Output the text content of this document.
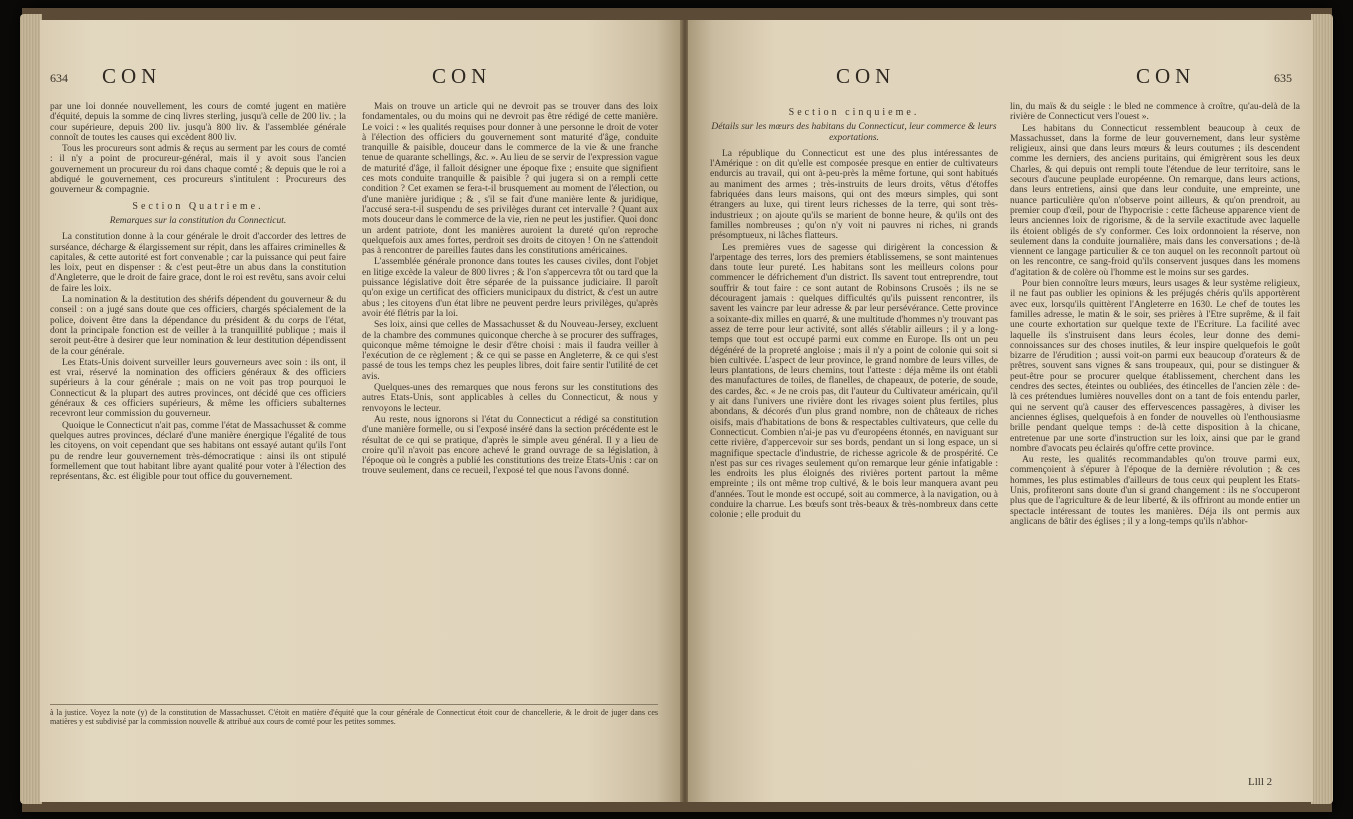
634 CON	CON

par une loi donnée nouvellement, les cours de comté jugent en matière d'équité, depuis la somme de cinq livres sterling, jusqu'à celle de 200 liv. ; la cour supérieure, depuis 200 liv. jusqu'à 800 liv. & l'assemblée générale connoît de toutes les causes qui excèdent 800 liv.

Tous les procureurs sont admis & reçus au serment par les cours de comté : il n'y a point de procureur-général, mais il y avoit sous l'ancien gouvernement un procureur du roi dans chaque comté ; & depuis que le roi a abdiqué le gouvernement, ces procureurs s'intitulent : Procureurs des gouverneur & compagnie.

Section Quatrieme.

Remarques sur la constitution du Connecticut.

La constitution donne à la cour générale le droit d'accorder des lettres de surséance, décharge & élargissement sur répit, dans les affaires criminelles & capitales, & cette autorité est fort convenable ; car la puissance qui peut faire les loix, peut en dispenser : & c'est peut-être un abus dans la constitution d'Angleterre, que le droit de faire grace, dont le roi est revêtu, sans avoir celui de faire les loix.

La nomination & la destitution des shérifs dépendent du gouverneur & du conseil : on a jugé sans doute que ces officiers, chargés spécialement de la police, doivent être dans la dépendance du président & du corps de l'état, dont la principale fonction est de veiller à la tranquillité publique ; mais il seroit peut-être à desirer que leur nomination & leur destitution dépendissent de la cour générale.

Les Etats-Unis doivent surveiller leurs gouverneurs avec soin : ils ont, il est vrai, réservé la nomination des officiers généraux & des officiers supérieurs à la cour générale ; mais on ne voit pas trop pourquoi le Connecticut & la plupart des autres provinces, ont décidé que ces officiers généraux & ces officiers supérieurs, & même les officiers subalternes recevront leur commission du gouverneur.

Quoique le Connecticut n'ait pas, comme l'état de Massachusset & comme quelques autres provinces, déclaré d'une manière énergique l'égalité de tous les citoyens, on voit cependant que ses habitans ont essayé autant qu'ils l'ont pu de rendre leur gouvernement très-démocratique : ainsi ils ont stipulé formellement que tout habitant libre ayant qualité pour voter à l'élection des représentans, &c. est éligible pour tout office du gouvernement.

Mais on trouve un article qui ne devroit pas se trouver dans des loix fondamentales, ou du moins qui ne devroit pas être rédigé de cette manière. Le voici : « les qualités requises pour donner à une personne le droit de voter à l'élection des officiers du gouvernement sont maturité d'âge, conduite tranquille & paisible, douceur dans le commerce de la vie & une franche tenue de quarante schellings, &c. ». Au lieu de se servir de l'expression vague de maturité d'âge, il falloit désigner une époque fixe ; ensuite que signifient ces mots conduite tranquille & paisible ? qui jugera si on a rempli cette condition ? Cet examen se fera-t-il brusquement au moment de l'élection, ou d'une manière juridique ; & , s'il se fait d'une manière lente & juridique, l'accusé sera-t-il suspendu de ses privilèges durant cet intervalle ? Quant aux mots douceur dans le commerce de la vie, rien ne peut les justifier. Quoi donc un ardent patriote, dont les manières auroient la dureté qu'on reproche quelquefois aux ames fortes, perdroit ses droits de citoyen ! On ne s'attendoit pas à rencontrer de pareilles fautes dans les constitutions américaines.

L'assemblée générale prononce dans toutes les causes civiles, dont l'objet en litige excède la valeur de 800 livres ; & l'on s'appercevra tôt ou tard que la puissance législative doit être séparée de la puissance judiciaire. Il paroît qu'on exige un certificat des officiers municipaux du district, & c'est un autre abus ; les citoyens d'un état libre ne peuvent perdre leurs privilèges, qu'après avoir été flétris par la loi.

Ses loix, ainsi que celles de Massachusset & du Nouveau-Jersey, excluent de la chambre des communes quiconque cherche à se procurer des suffrages, quiconque même témoigne le desir d'être choisi : mais il faudra veiller à l'exécution de ce règlement ; & ce qui se passe en Angleterre, & ce qui s'est passé de tous les temps chez les peuples libres, doit faire sentir l'utilité de cet avis.

Quelques-unes des remarques que nous ferons sur les constitutions des autres Etats-Unis, sont applicables à celles du Connecticut, & nous y renvoyons le lecteur.

Au reste, nous ignorons si l'état du Connecticut a rédigé sa constitution d'une manière formelle, ou si l'exposé inséré dans la section précédente est le résultat de ce qui se pratique, d'après le simple aveu général. Il y a lieu de croire qu'il n'avoit pas encore achevé le grand ouvrage de sa législation, à l'époque où le congrès a publié les constitutions des treize Etats-Unis : car on trouve seulement, dans ce recueil, l'exposé tel que nous l'avons donné.

à la justice. Voyez la note (y) de la constitution de Massachusset. C'étoit en matière d'équité que la cour générale de Connecticut étoit cour de chancellerie, & le droit de juger dans ces matières y est subdivisé par la commission nouvelle & attribué aux cours de comté pour les petites sommes.
CON	CON	635

Section cinquieme.

Détails sur les mœurs des habitans du Connecticut, leur commerce & leurs exportations.

La république du Connecticut est une des plus intéressantes de l'Amérique : on dit qu'elle est composée presque en entier de cultivateurs endurcis au travail, qui ont à-peu-près la même fortune, qui sont habitués au maniment des armes ; très-instruits de leurs droits, vêtus d'étoffes fabriquées dans leurs maisons, qui ont des mœurs simples, qui sont étrangers au luxe, qui tirent leurs richesses de la terre, qui sont très-industrieux ; on ajoute qu'ils se marient de bonne heure, & qu'ils ont des familles nombreuses ; qu'on n'y voit ni pauvres ni riches, ni grands présomptueux, ni lâches flatteurs.

Les premières vues de sagesse qui dirigèrent la concession & l'arpentage des terres, lors des premiers établissemens, se sont maintenues dans toute leur pureté. Les habitans sont les meilleurs colons pour commencer le défrichement d'un district. Ils savent tout entreprendre, tout souffrir & tout faire : ce sont autant de Robinsons Crusoës ; ils ne se découragent jamais : quelques difficultés qu'ils puissent rencontrer, ils savent les vaincre par leur adresse & par leur persévérance. Cette province a soixante-dix milles en quarré, & une multitude d'hommes n'y trouvant pas assez de terre pour leur activité, sont allés s'établir ailleurs ; il y a long-temps que tout est occupé parmi eux comme en Europe. Ils ont un peu dégénéré de la propreté angloise ; mais il n'y a point de colonie qui soit si bien cultivée. L'aspect de leur province, le grand nombre de leurs villes, de leurs plantations, de leurs chemins, tout l'atteste : déja même ils ont établi des manufactures de toiles, de flanelles, de chapeaux, de poterie, de soude, des cardes, &c. « Je ne crois pas, dit l'auteur du Cultivateur américain, qu'il y ait dans l'univers une rivière dont les rivages soient plus fertiles, plus abondans, & décorés d'un plus grand nombre, non de châteaux de riches oisifs, mais d'habitations de bons & respectables cultivateurs, que celle du Connecticut. Combien n'ai-je pas vu d'européens étonnés, en naviguant sur cette rivière, d'appercevoir sur ses bords, pendant un si long espace, un si magnifique spectacle d'industrie, de richesse agricole & de prospérité. Ce n'est pas sur ces rivages seulement qu'on remarque leur génie infatigable : les endroits les plus éloignés des rivières portent partout la même empreinte ; ils ont même trop cultivé, & le bois leur manquera avant peu d'années. Tout le monde est occupé, soit au commerce, à la navigation, ou à conduire la charrue. Les bœufs sont très-beaux & très-nombreux dans cette colonie ; elle produit du

lin, du maïs & du seigle : le bled ne commence à croître, qu'au-delà de la rivière de Connecticut vers l'ouest ».

Les habitans du Connecticut ressemblent beaucoup à ceux de Massachusset, dans la forme de leur gouvernement, dans leur système religieux, ainsi que dans leurs mœurs & leurs coutumes ; ils descendent comme les derniers, des anciens puritains, qui émigrèrent sous les deux Charles, & qui depuis ont rempli toute l'étendue de leur territoire, sans le secours d'aucune peuplade européenne. On remarque, dans leurs actions, dans leurs entretiens, ainsi que dans leur conduite, une empreinte, une nuance particulière qu'on n'observe point ailleurs, & qu'on prendroit, au premier coup d'œil, pour de l'hypocrisie : cette fâcheuse apparence vient de leurs anciennes loix de rigorisme, & de la servile exactitude avec laquelle ils étoient obligés de s'y conformer. Ces loix ordonnoient la réserve, non seulement dans la conduite journalière, mais dans les conversations ; de-là viennent ce langage particulier & ce ton auquel on les reconnoît partout où on les rencontre, ce sang-froid qu'ils conservent jusques dans les momens d'agitation & de colère où l'homme est le moins sur ses gardes.

Pour bien connoître leurs mœurs, leurs usages & leur système religieux, il ne faut pas oublier les opinions & les préjugés chéris qu'ils apportèrent avec eux, lorsqu'ils quittèrent l'Angleterre en 1630. Le chef de toutes les familles adresse, le matin & le soir, ses prières à l'Etre suprême, & il fait une courte exhortation sur quelque texte de l'Ecriture. La facilité avec laquelle ils s'instruisent dans leurs écoles, leur donne des demi-connoissances sur des choses inutiles, & leur inspire quelquefois le goût bizarre de l'érudition ; aussi voit-on parmi eux beaucoup d'orateurs & de prêtres, souvent sans vignes & sans troupeaux, qui, pour se distinguer & peut-être pour se procurer quelque établissement, cherchent dans les cendres des sectes, éteintes ou oubliées, des étincelles de l'ancien zèle : de-là ces prétendues lumières nouvelles dont on a tant de fois entendu parler, qui ne servent qu'à causer des effervescences passagères, à diviser les anciennes églises, quelquefois à en fonder de nouvelles où l'enthousiasme brille pendant quelque temps : de-là cette disposition à la chicane, entretenue par une sorte d'instruction sur les loix, ainsi que par le grand nombre d'avocats peu éclairés qu'offre cette province.

Au reste, les qualités recommandables qu'on trouve parmi eux, commençoient à s'épurer à l'époque de la dernière révolution ; & ces hommes, les plus estimables d'ailleurs de tous ceux qui peuplent les Etats-Unis, profiteront sans doute d'un si grand changement : ils ne s'occuperont plus que de l'agriculture & de leur liberté, & ils offriront au monde entier un spectacle intéressant de toutes les manières. Déja ils ont permis aux anglicans de bâtir des églises ; il y a long-temps qu'ils n'abhor-

Llll 2
